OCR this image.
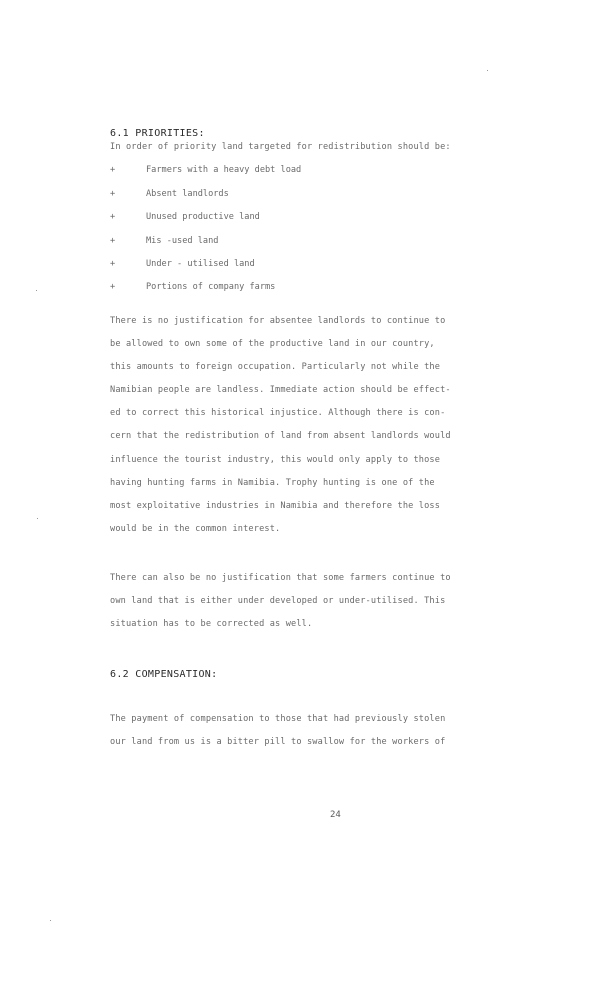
6.1 PRIORITIES:
In order of priority land targeted for redistribution should be:
+	Farmers with a heavy debt load
+	Absent landlords
+	Unused productive land
+	Mis -used land
+	Under - utilised land
+	Portions of company farms
There is no justification for absentee landlords to continue to
be allowed to own some of the productive land in our country,
this amounts to foreign occupation. Particularly not while the
Namibian people are landless. Immediate action should be effect-
ed to correct this historical injustice. Although there is con-
cern that the redistribution of land from absent landlords would
influence the tourist industry, this would only apply to those
having hunting farms in Namibia. Trophy hunting is one of the
most exploitative industries in Namibia and therefore the loss
would be in the common interest.
There can also be no justification that some farmers continue to
own land that is either under developed or under-utilised. This
situation has to be corrected as well.
6.2 COMPENSATION:
The payment of compensation to those that had previously stolen
our land from us is a bitter pill to swallow for the workers of
24
